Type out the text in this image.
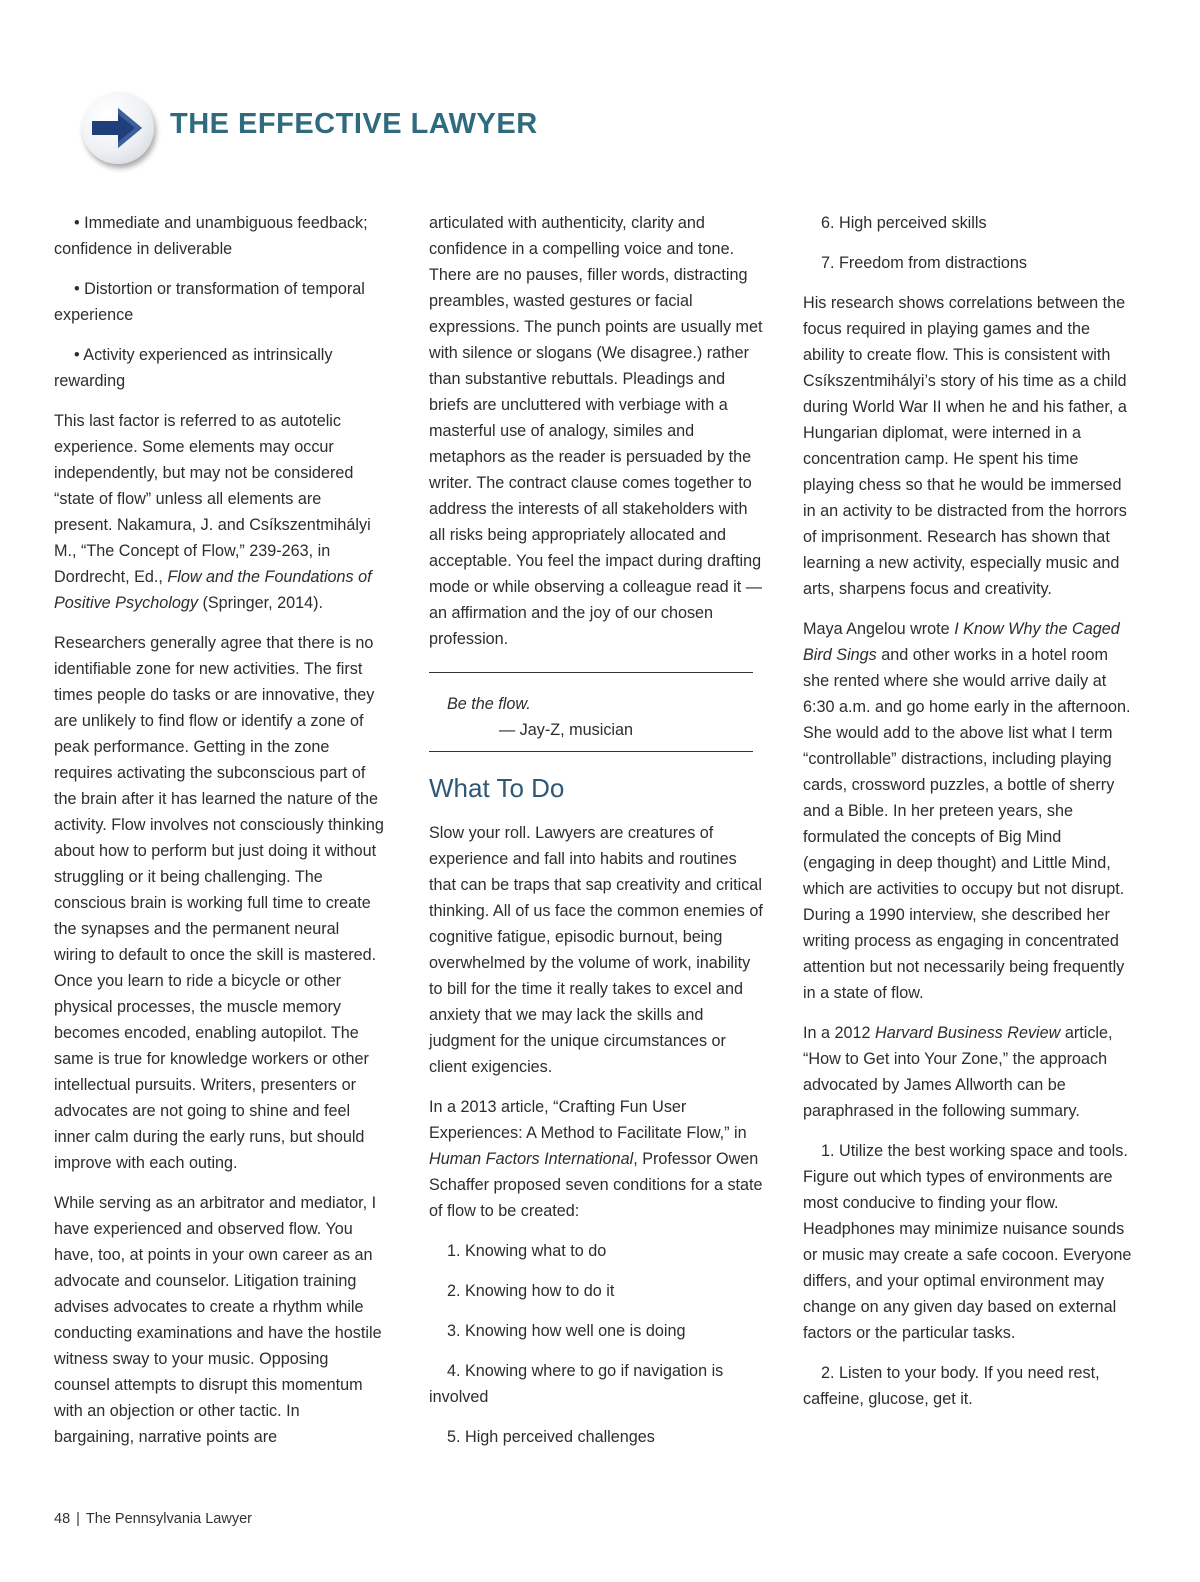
THE EFFECTIVE LAWYER

• Immediate and unambiguous feedback; confidence in deliverable

• Distortion or transformation of temporal experience

• Activity experienced as intrinsically rewarding

This last factor is referred to as autotelic experience. Some elements may occur independently, but may not be considered “state of flow” unless all elements are present. Nakamura, J. and Csíkszentmihályi M., “The Concept of Flow,” 239-263, in Dordrecht, Ed., Flow and the Foundations of Positive Psychology (Springer, 2014).

Researchers generally agree that there is no identifiable zone for new activities. The first times people do tasks or are innovative, they are unlikely to find flow or identify a zone of peak performance. Getting in the zone requires activating the subconscious part of the brain after it has learned the nature of the activity. Flow involves not consciously thinking about how to perform but just doing it without struggling or it being challenging. The conscious brain is working full time to create the synapses and the permanent neural wiring to default to once the skill is mastered. Once you learn to ride a bicycle or other physical processes, the muscle memory becomes encoded, enabling autopilot. The same is true for knowledge workers or other intellectual pursuits. Writers, presenters or advocates are not going to shine and feel inner calm during the early runs, but should improve with each outing.

While serving as an arbitrator and mediator, I have experienced and observed flow. You have, too, at points in your own career as an advocate and counselor. Litigation training advises advocates to create a rhythm while conducting examinations and have the hostile witness sway to your music. Opposing counsel attempts to disrupt this momentum with an objection or other tactic. In bargaining, narrative points are

articulated with authenticity, clarity and confidence in a compelling voice and tone. There are no pauses, filler words, distracting preambles, wasted gestures or facial expressions. The punch points are usually met with silence or slogans (We disagree.) rather than substantive rebuttals. Pleadings and briefs are uncluttered with verbiage with a masterful use of analogy, similes and metaphors as the reader is persuaded by the writer. The contract clause comes together to address the interests of all stakeholders with all risks being appropriately allocated and acceptable. You feel the impact during drafting mode or while observing a colleague read it — an affirmation and the joy of our chosen profession.

Be the flow.
— Jay-Z, musician
What To Do

Slow your roll. Lawyers are creatures of experience and fall into habits and routines that can be traps that sap creativity and critical thinking. All of us face the common enemies of cognitive fatigue, episodic burnout, being overwhelmed by the volume of work, inability to bill for the time it really takes to excel and anxiety that we may lack the skills and judgment for the unique circumstances or client exigencies.

In a 2013 article, “Crafting Fun User Experiences: A Method to Facilitate Flow,” in Human Factors International, Professor Owen Schaffer proposed seven conditions for a state of flow to be created:

1. Knowing what to do

2. Knowing how to do it

3. Knowing how well one is doing

4. Knowing where to go if navigation is involved

5. High perceived challenges

6. High perceived skills

7. Freedom from distractions

His research shows correlations between the focus required in playing games and the ability to create flow. This is consistent with Csíkszentmihályi’s story of his time as a child during World War II when he and his father, a Hungarian diplomat, were interned in a concentration camp. He spent his time playing chess so that he would be immersed in an activity to be distracted from the horrors of imprisonment. Research has shown that learning a new activity, especially music and arts, sharpens focus and creativity.

Maya Angelou wrote I Know Why the Caged Bird Sings and other works in a hotel room she rented where she would arrive daily at 6:30 a.m. and go home early in the afternoon. She would add to the above list what I term “controllable” distractions, including playing cards, crossword puzzles, a bottle of sherry and a Bible. In her preteen years, she formulated the concepts of Big Mind (engaging in deep thought) and Little Mind, which are activities to occupy but not disrupt. During a 1990 interview, she described her writing process as engaging in concentrated attention but not necessarily being frequently in a state of flow.

In a 2012 Harvard Business Review article, “How to Get into Your Zone,” the approach advocated by James Allworth can be paraphrased in the following summary.

1. Utilize the best working space and tools. Figure out which types of environments are most conducive to finding your flow. Headphones may minimize nuisance sounds or music may create a safe cocoon. Everyone differs, and your optimal environment may change on any given day based on external factors or the particular tasks.

2. Listen to your body. If you need rest, caffeine, glucose, get it.

48 | The Pennsylvania Lawyer
